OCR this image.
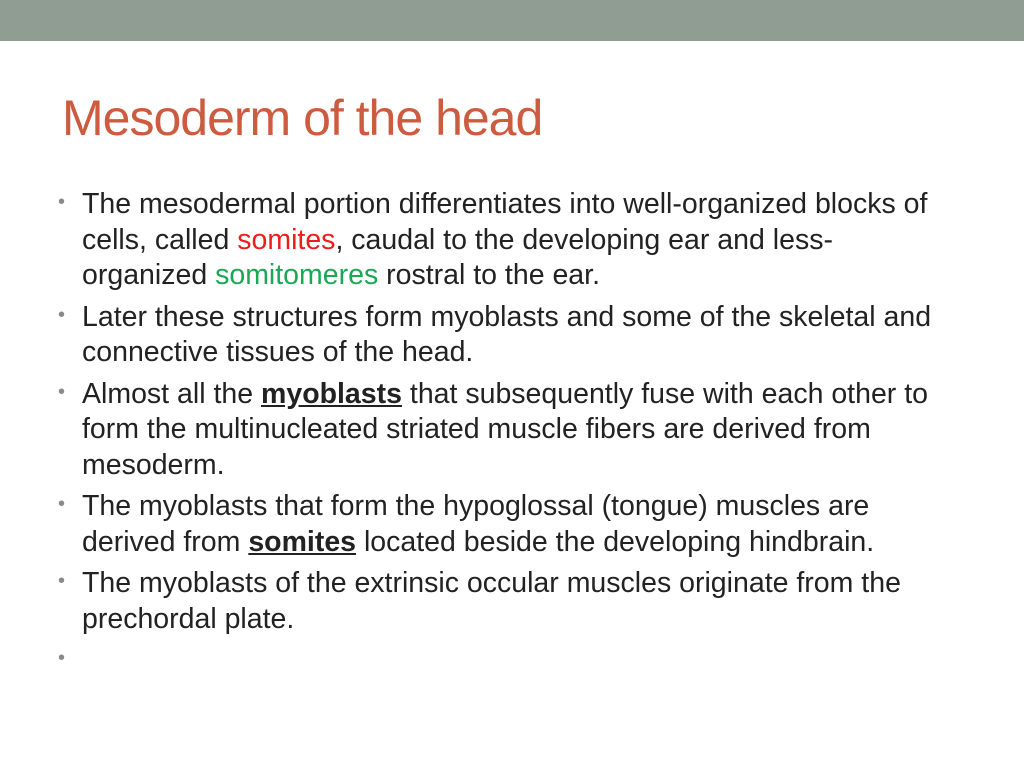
Mesoderm of the head
• The mesodermal portion differentiates into well-organized blocks of cells, called somites, caudal to the developing ear and less-organized somitomeres rostral to the ear.
• Later these structures form myoblasts and some of the skeletal and connective tissues of the head.
• Almost all the myoblasts that subsequently fuse with each other to form the multinucleated striated muscle fibers are derived from mesoderm.
• The myoblasts that form the hypoglossal (tongue) muscles are derived from somites located beside the developing hindbrain.
• The myoblasts of the extrinsic occular muscles originate from the prechordal plate.
•
